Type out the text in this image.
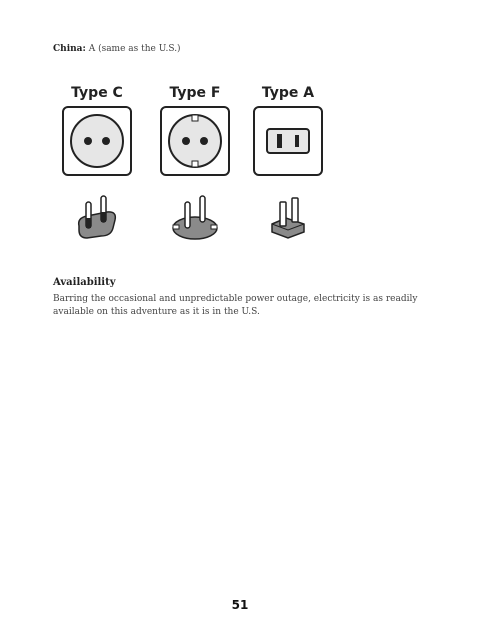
China: A (same as the U.S.)
Type C	Type F	Type A
Availability
Barring the occasional and unpredictable power outage, electricity is as readily available on this adventure as it is in the U.S.
51
